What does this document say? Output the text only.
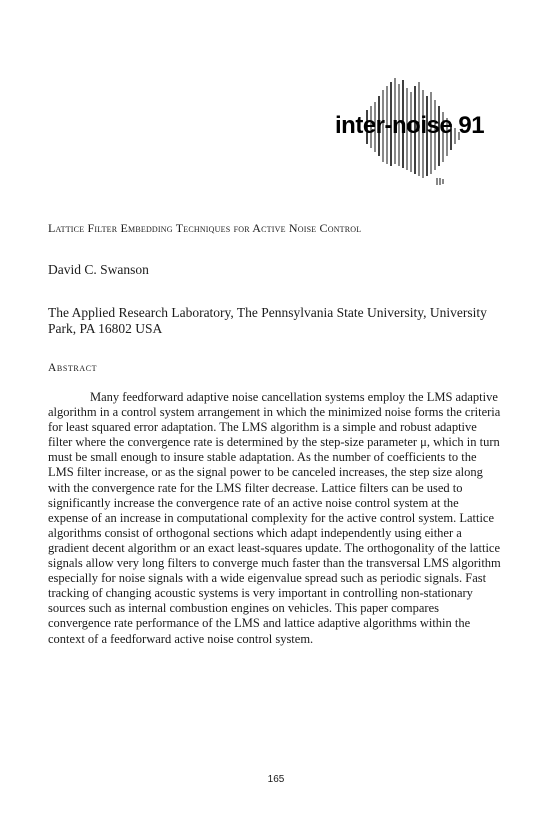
inter-noise 91
Lattice Filter Embedding Techniques for Active Noise Control
David C. Swanson
The Applied Research Laboratory, The Pennsylvania State University, University Park, PA 16802 USA
Abstract

Many feedforward adaptive noise cancellation systems employ the LMS adaptive algorithm in a control system arrangement in which the minimized noise forms the criteria for least squared error adaptation. The LMS algorithm is a simple and robust adaptive filter where the convergence rate is determined by the step-size parameter μ, which in turn must be small enough to insure stable adaptation. As the number of coefficients to the LMS filter increase, or as the signal power to be canceled increases, the step size along with the convergence rate for the LMS filter decrease. Lattice filters can be used to significantly increase the convergence rate of an active noise control system at the expense of an increase in computational complexity for the active control system. Lattice algorithms consist of orthogonal sections which adapt independently using either a gradient decent algorithm or an exact least-squares update. The orthogonality of the lattice signals allow very long filters to converge much faster than the transversal LMS algorithm especially for noise signals with a wide eigenvalue spread such as periodic signals. Fast tracking of changing acoustic systems is very important in controlling non-stationary sources such as internal combustion engines on vehicles. This paper compares convergence rate performance of the LMS and lattice adaptive algorithms within the context of a feedforward active noise control system.

165
